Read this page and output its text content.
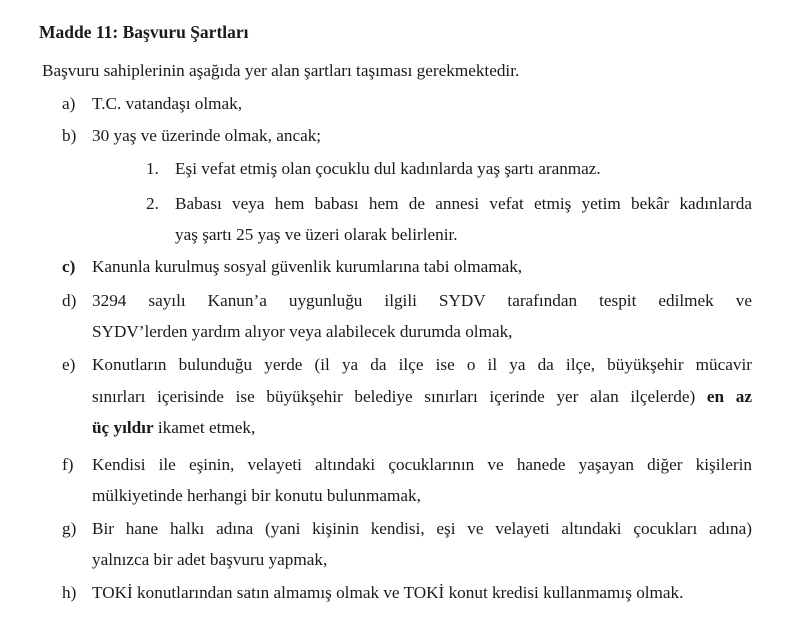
Madde 11: Başvuru Şartları
Başvuru sahiplerinin aşağıda yer alan şartları taşıması gerekmektedir.
a) T.C. vatandaşı olmak,
b) 30 yaş ve üzerinde olmak, ancak;
1. Eşi vefat etmiş olan çocuklu dul kadınlarda yaş şartı aranmaz.
2. Babası veya hem babası hem de annesi vefat etmiş yetim bekâr kadınlarda
yaş şartı 25 yaş ve üzeri olarak belirlenir.
c) Kanunla kurulmuş sosyal güvenlik kurumlarına tabi olmamak,
d) 3294 sayılı Kanun’a uygunluğu ilgili SYDV tarafından tespit edilmek ve
SYDV’lerden yardım alıyor veya alabilecek durumda olmak,
e) Konutların bulunduğu yerde (il ya da ilçe ise o il ya da ilçe, büyükşehir mücavir
sınırları içerisinde ise büyükşehir belediye sınırları içerinde yer alan ilçelerde) en az
üç yıldır ikamet etmek,
f) Kendisi ile eşinin, velayeti altındaki çocuklarının ve hanede yaşayan diğer kişilerin
mülkiyetinde herhangi bir konutu bulunmamak,
g) Bir hane halkı adına (yani kişinin kendisi, eşi ve velayeti altındaki çocukları adına)
yalnızca bir adet başvuru yapmak,
h) TOKİ konutlarından satın almamış olmak ve TOKİ konut kredisi kullanmamış olmak.
